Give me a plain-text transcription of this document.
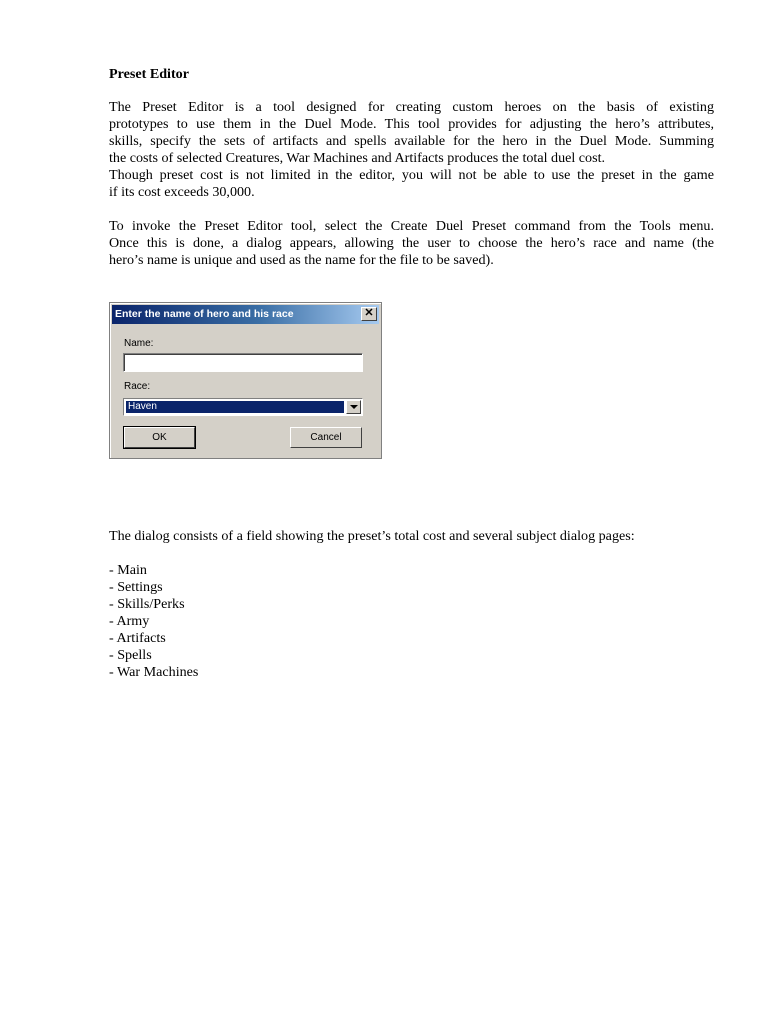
Preset Editor
The Preset Editor is a tool designed for creating custom heroes on the basis of existing
prototypes to use them in the Duel Mode. This tool provides for adjusting the hero’s attributes,
skills, specify the sets of artifacts and spells available for the hero in the Duel Mode. Summing
the costs of selected Creatures, War Machines and Artifacts produces the total duel cost.
Though preset cost is not limited in the editor, you will not be able to use the preset in the game
if its cost exceeds 30,000.
To invoke the Preset Editor tool, select the Create Duel Preset command from the Tools menu.
Once this is done, a dialog appears, allowing the user to choose the hero’s race and name (the
hero’s name is unique and used as the name for the file to be saved).
Enter the name of hero and his race	✕
Name:
Race:
Haven
OK	Cancel
The dialog consists of a field showing the preset’s total cost and several subject dialog pages:
- Main
- Settings
- Skills/Perks
- Army
- Artifacts
- Spells
- War Machines
